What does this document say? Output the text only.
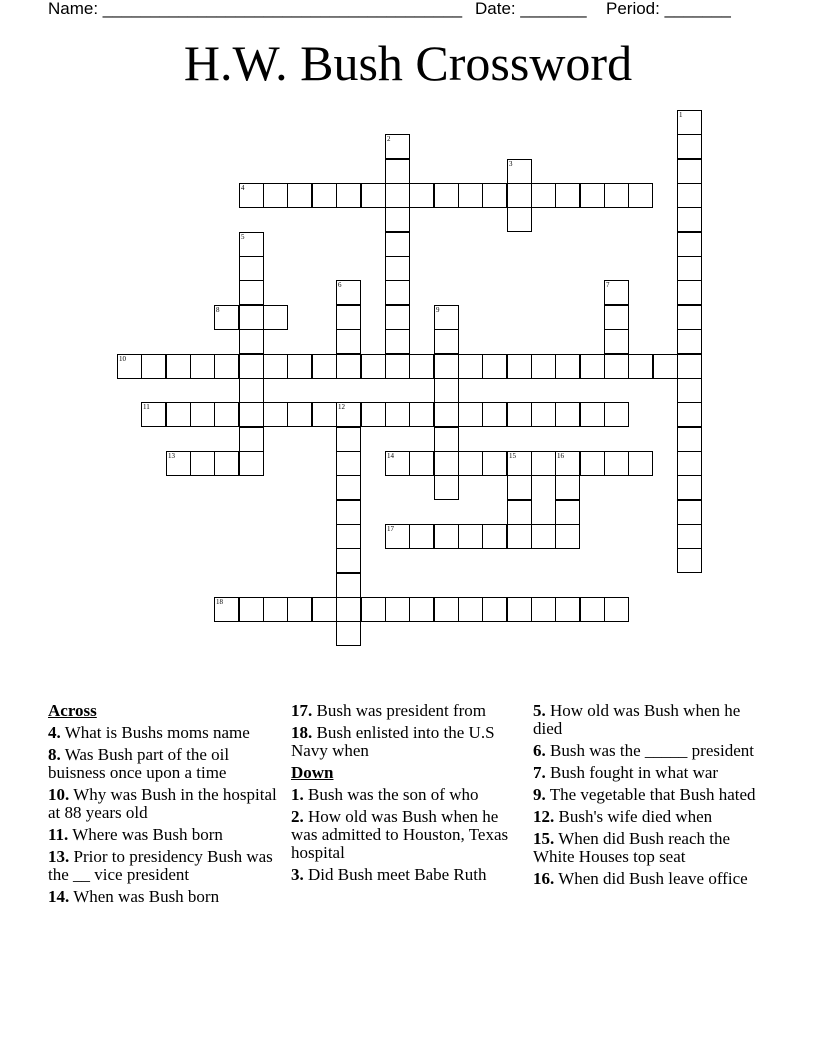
Name: ______________________________________ Date: _______ Period: _______
H.W. Bush Crossword
4
8
10
11	12
13	14	15	16
17
18
1
2
3
5
6	7
9
Across
4. What is Bushs moms name
8. Was Bush part of the oil buisness once upon a time
10. Why was Bush in the hospital at 88 years old
11. Where was Bush born
13. Prior to presidency Bush was the __ vice president
14. When was Bush born
17. Bush was president from
18. Bush enlisted into the U.S Navy when
Down
1. Bush was the son of who
2. How old was Bush when he was admitted to Houston, Texas hospital
3. Did Bush meet Babe Ruth
5. How old was Bush when he died
6. Bush was the _____ president
7. Bush fought in what war
9. The vegetable that Bush hated
12. Bush's wife died when
15. When did Bush reach the White Houses top seat
16. When did Bush leave office
